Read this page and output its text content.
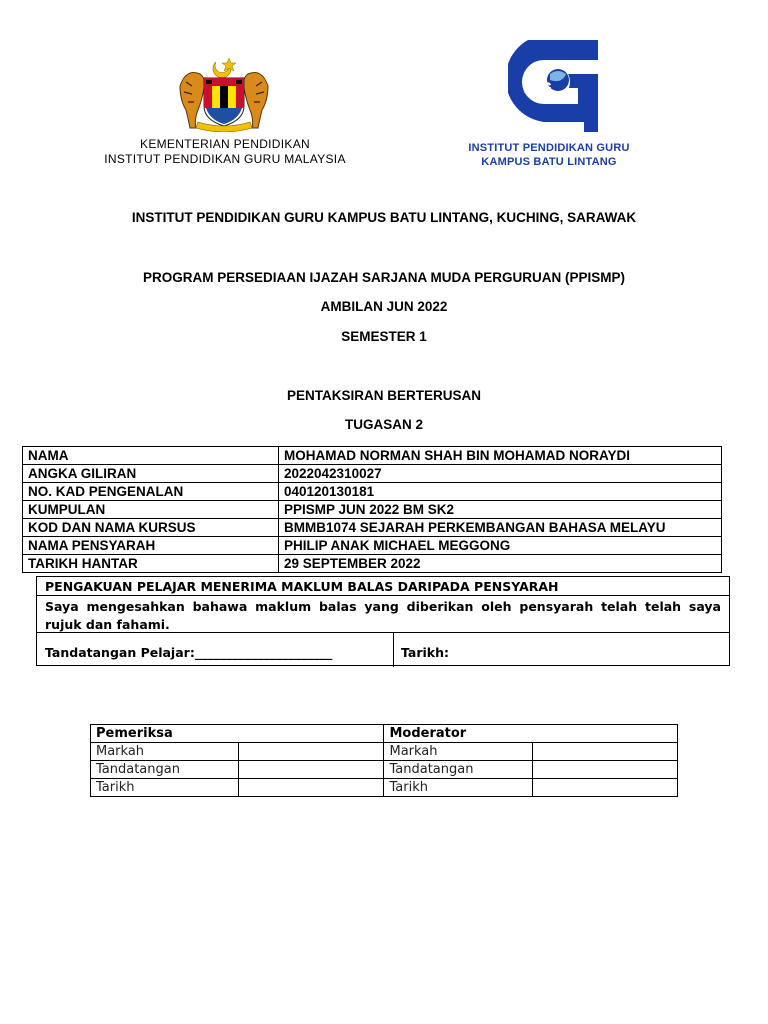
KEMENTERIAN PENDIDIKAN
INSTITUT PENDIDIKAN GURU MALAYSIA
iPG
INSTITUT PENDIDIKAN GURU
KAMPUS BATU LINTANG
INSTITUT PENDIDIKAN GURU KAMPUS BATU LINTANG, KUCHING, SARAWAK
PROGRAM PERSEDIAAN IJAZAH SARJANA MUDA PERGURUAN (PPISMP)
AMBILAN JUN 2022
SEMESTER 1
PENTAKSIRAN BERTERUSAN
TUGASAN 2
NAMA	MOHAMAD NORMAN SHAH BIN MOHAMAD NORAYDI
ANGKA GILIRAN	2022042310027
NO. KAD PENGENALAN	040120130181
KUMPULAN	PPISMP JUN 2022 BM SK2
KOD DAN NAMA KURSUS	BMMB1074 SEJARAH PERKEMBANGAN BAHASA MELAYU
NAMA PENSYARAH	PHILIP ANAK MICHAEL MEGGONG
TARIKH HANTAR	29 SEPTEMBER 2022
PENGAKUAN PELAJAR MENERIMA MAKLUM BALAS DARIPADA PENSYARAH
Saya mengesahkan bahawa maklum balas yang diberikan oleh pensyarah telah telah saya rujuk dan fahami.
Tandatangan Pelajar:______________________	Tarikh:
Pemeriksa		Moderator	
Markah		Markah	
Tandatangan		Tandatangan	
Tarikh		Tarikh	
